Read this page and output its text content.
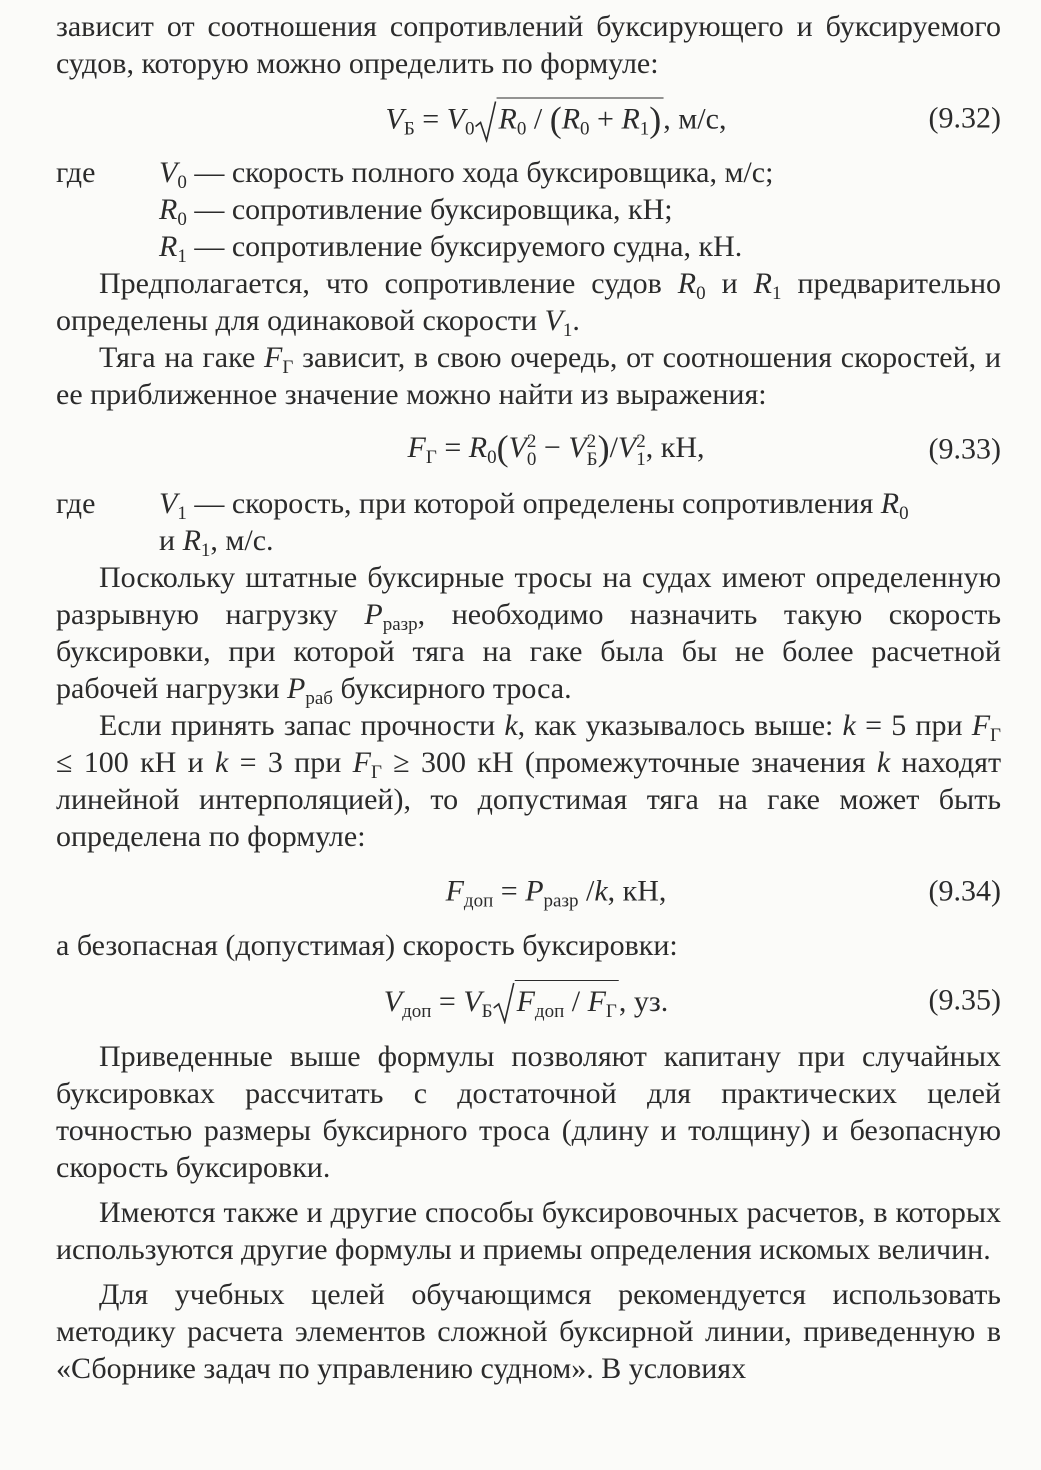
зависит от соотношения сопротивлений буксирующего и буксируемого судов, которую можно определить по формуле:

$V_Б = V_0$ $R_0 / (R_0 + R_1)$, м/с,	(9.32)
где	$V_0$ — скорость полного хода буксировщика, м/с;
$R_0$ — сопротивление буксировщика, кН;
$R_1$ — сопротивление буксируемого судна, кН.

Предполагается, что сопротивление судов $R_0$ и $R_1$ предварительно определены для одинаковой скорости $V_1$.

Тяга на гаке $F_Г$ зависит, в свою очередь, от соотношения скоростей, и ее приближенное значение можно найти из выражения:

$F_Г = R_0(V$ 2
0 − V 2
Б )/V 2
1 , кН,	(9.33)
где	$V_1$ — скорость, при которой определены сопротивления $R_0$
и $R_1$, м/с.

Поскольку штатные буксирные тросы на судах имеют определенную разрывную нагрузку $P_{разр}$, необходимо назначить такую скорость буксировки, при которой тяга на гаке была бы не более расчетной рабочей нагрузки $P_{раб}$ буксирного троса.

Если принять запас прочности k, как указывалось выше: k = 5 при $F_Г \le 100$ кН и k = 3 при $F_Г \ge 300$ кН (промежуточные значения k находят линейной интерполяцией), то допустимая тяга на гаке может быть определена по формуле:

$F_{доп} = P_{разр}$ /k, кН,	(9.34)

а безопасная (допустимая) скорость буксировки:

$V_{доп} = V_Б$ $F_{доп} / F_Г$, уз.	(9.35)

Приведенные выше формулы позволяют капитану при случайных буксировках рассчитать с достаточной для практических целей точностью размеры буксирного троса (длину и толщину) и безопасную скорость буксировки.

Имеются также и другие способы буксировочных расчетов, в которых используются другие формулы и приемы определения искомых величин.

Для учебных целей обучающимся рекомендуется использовать методику расчета элементов сложной буксирной линии, приведенную в «Сборнике задач по управлению судном». В условиях
